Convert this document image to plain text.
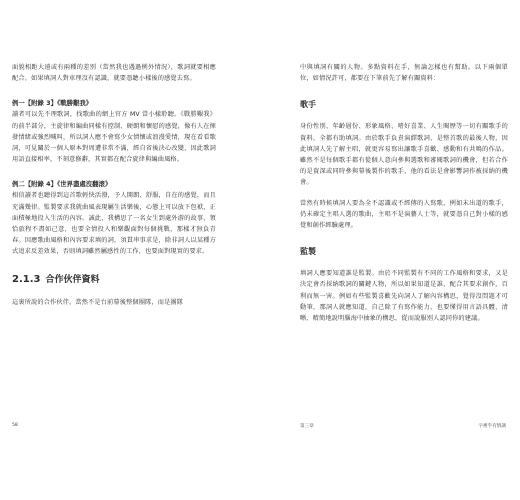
面貌相距大遠或有兩種的差別（當然我也遇過例外情況），歌詞就要相應配合。如果填詞人對車理沒有認識，就要憑聽小樣後的感覺去寫。

例一【附錄 3】《戰勝艱我》

讀者可以先不理歌詞，找歌曲的網上官方 MV 當小樣聆聽。《戰勝艱我》的前半部分，主旋律和編曲同樣有控制、硬朗和懷慰的感覺，像有人在揮發情緒或強烈喊叫，所以詞人應不會寫少女情懷或浪漫愛情，現在看看歌詞，可見關於一個人原本對周遭非常不滿，經自省後決心改變，因此歌詞用語直接相率，不刻意修辭，其實都在配合旋律與編曲風格。

例二【附錄 4】《世界盡處沒翻滚》

相信讀者也聽得到這首歌輕快活潑，予人開朗、舒服，自在的感覺，而且充滿幾律。監製要求我就曲風表現屬生活樂後，心態上可以放下包袱，正面積極地投入生活的內容。誠此，我構思了一名女生到處外游的故事，領恰旅程不盡如己意，也要全情投入和樂觀面對每個挑戰，那樣才無負青春。因應歌曲風格和內容要求填的詞，須貫串事求是，除非詞人以某種方式追求反差效果，否則填詞雖然屬感性的工作，也要面對現實的要求。

2.1.3 合作伙伴資料

這裏所說的合作伙伴，當然不是台前幕後整個團隊，而是團隊

中與填詞有關的人物。多點資料在手，無論怎樣也有幫助。以下兩個單位，如情況許可，都要在下筆前先了解有關資料：

歌手

身份性別、年齡層份、形象風格、嗜好喜業、人生閱歷等一切有關歌手的資料，全都有助填詞。由於歌手負責演繹歌詞，是整首歌的最後人物，因此填詞人先了解主唱，就更容易寫出讓歌手喜歡、感動和有共鳴的作品。雖然不是每個歌手都有從個人意向參與選歌和審閱歌詞的機會，但若合作的是資深或同時參與幕後製作的歌手，他的看法是會影響詞作被採納的機會。

當然有時候填詞人要為全不認識或不經傳的人寫歌，例如未出道的歌手，仍未確定主唱人選的歌曲，主唱不是演藝人士等，就要憑自己對小樣的感覺和創作經驗處理。

監製

填詞人應要知道誰是監製。由於不同監製有不同的工作風格和要求，又是決定會否採納歌詞的關鍵人物，所以如果知道是誰，配合其要求創作，百利而無一害。例如有些監製喜歡先向詞人了解內容構思，覺得沒問題才可動筆，那詞人就應知道，自己除了有寫作能力，也要懂得用言語具體、清晰、精簡地說明腦海中抽象的構思，從而說服別人認同你的建議。

58	第三章	字裡乎有情調
